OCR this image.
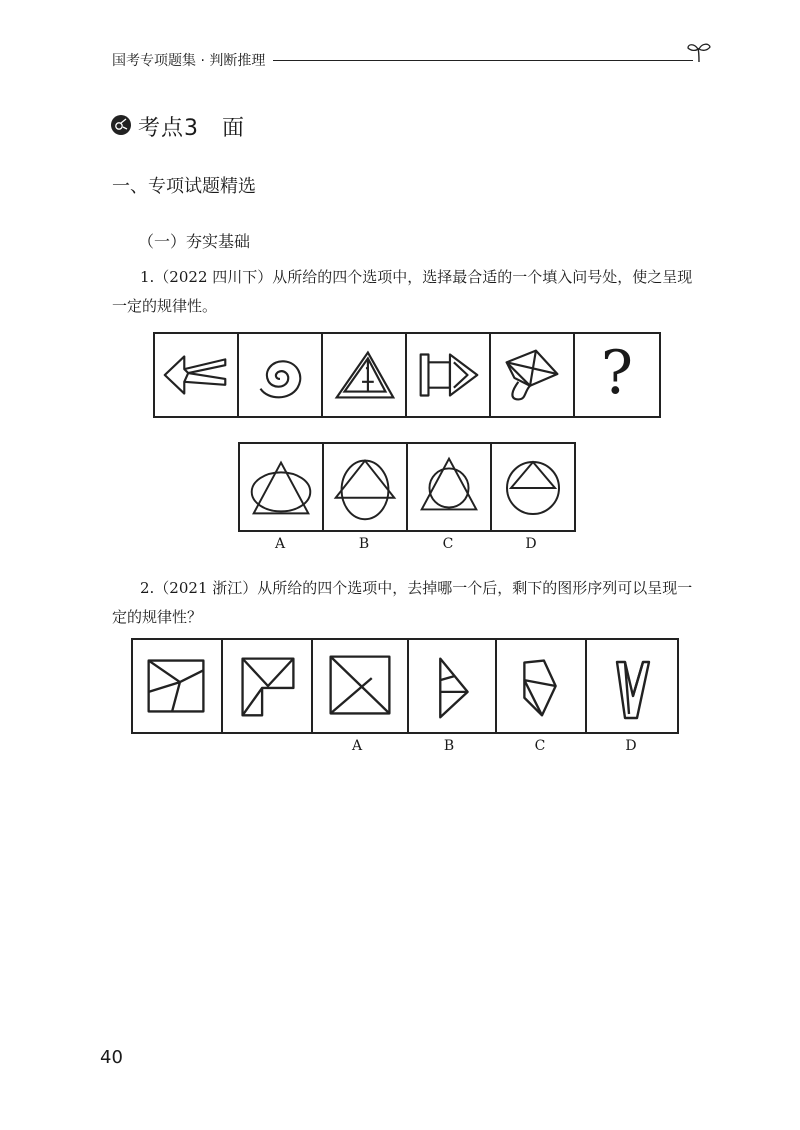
国考专项题集 · 判断推理
考点3　面
一、专项试题精选
（一）夯实基础
1.（2022 四川下）从所给的四个选项中，选择最合适的一个填入问号处，使之呈现一定的规律性。
?
A	B	C	D
2.（2021 浙江）从所给的四个选项中，去掉哪一个后，剩下的图形序列可以呈现一定的规律性？
A	B	C	D
40
